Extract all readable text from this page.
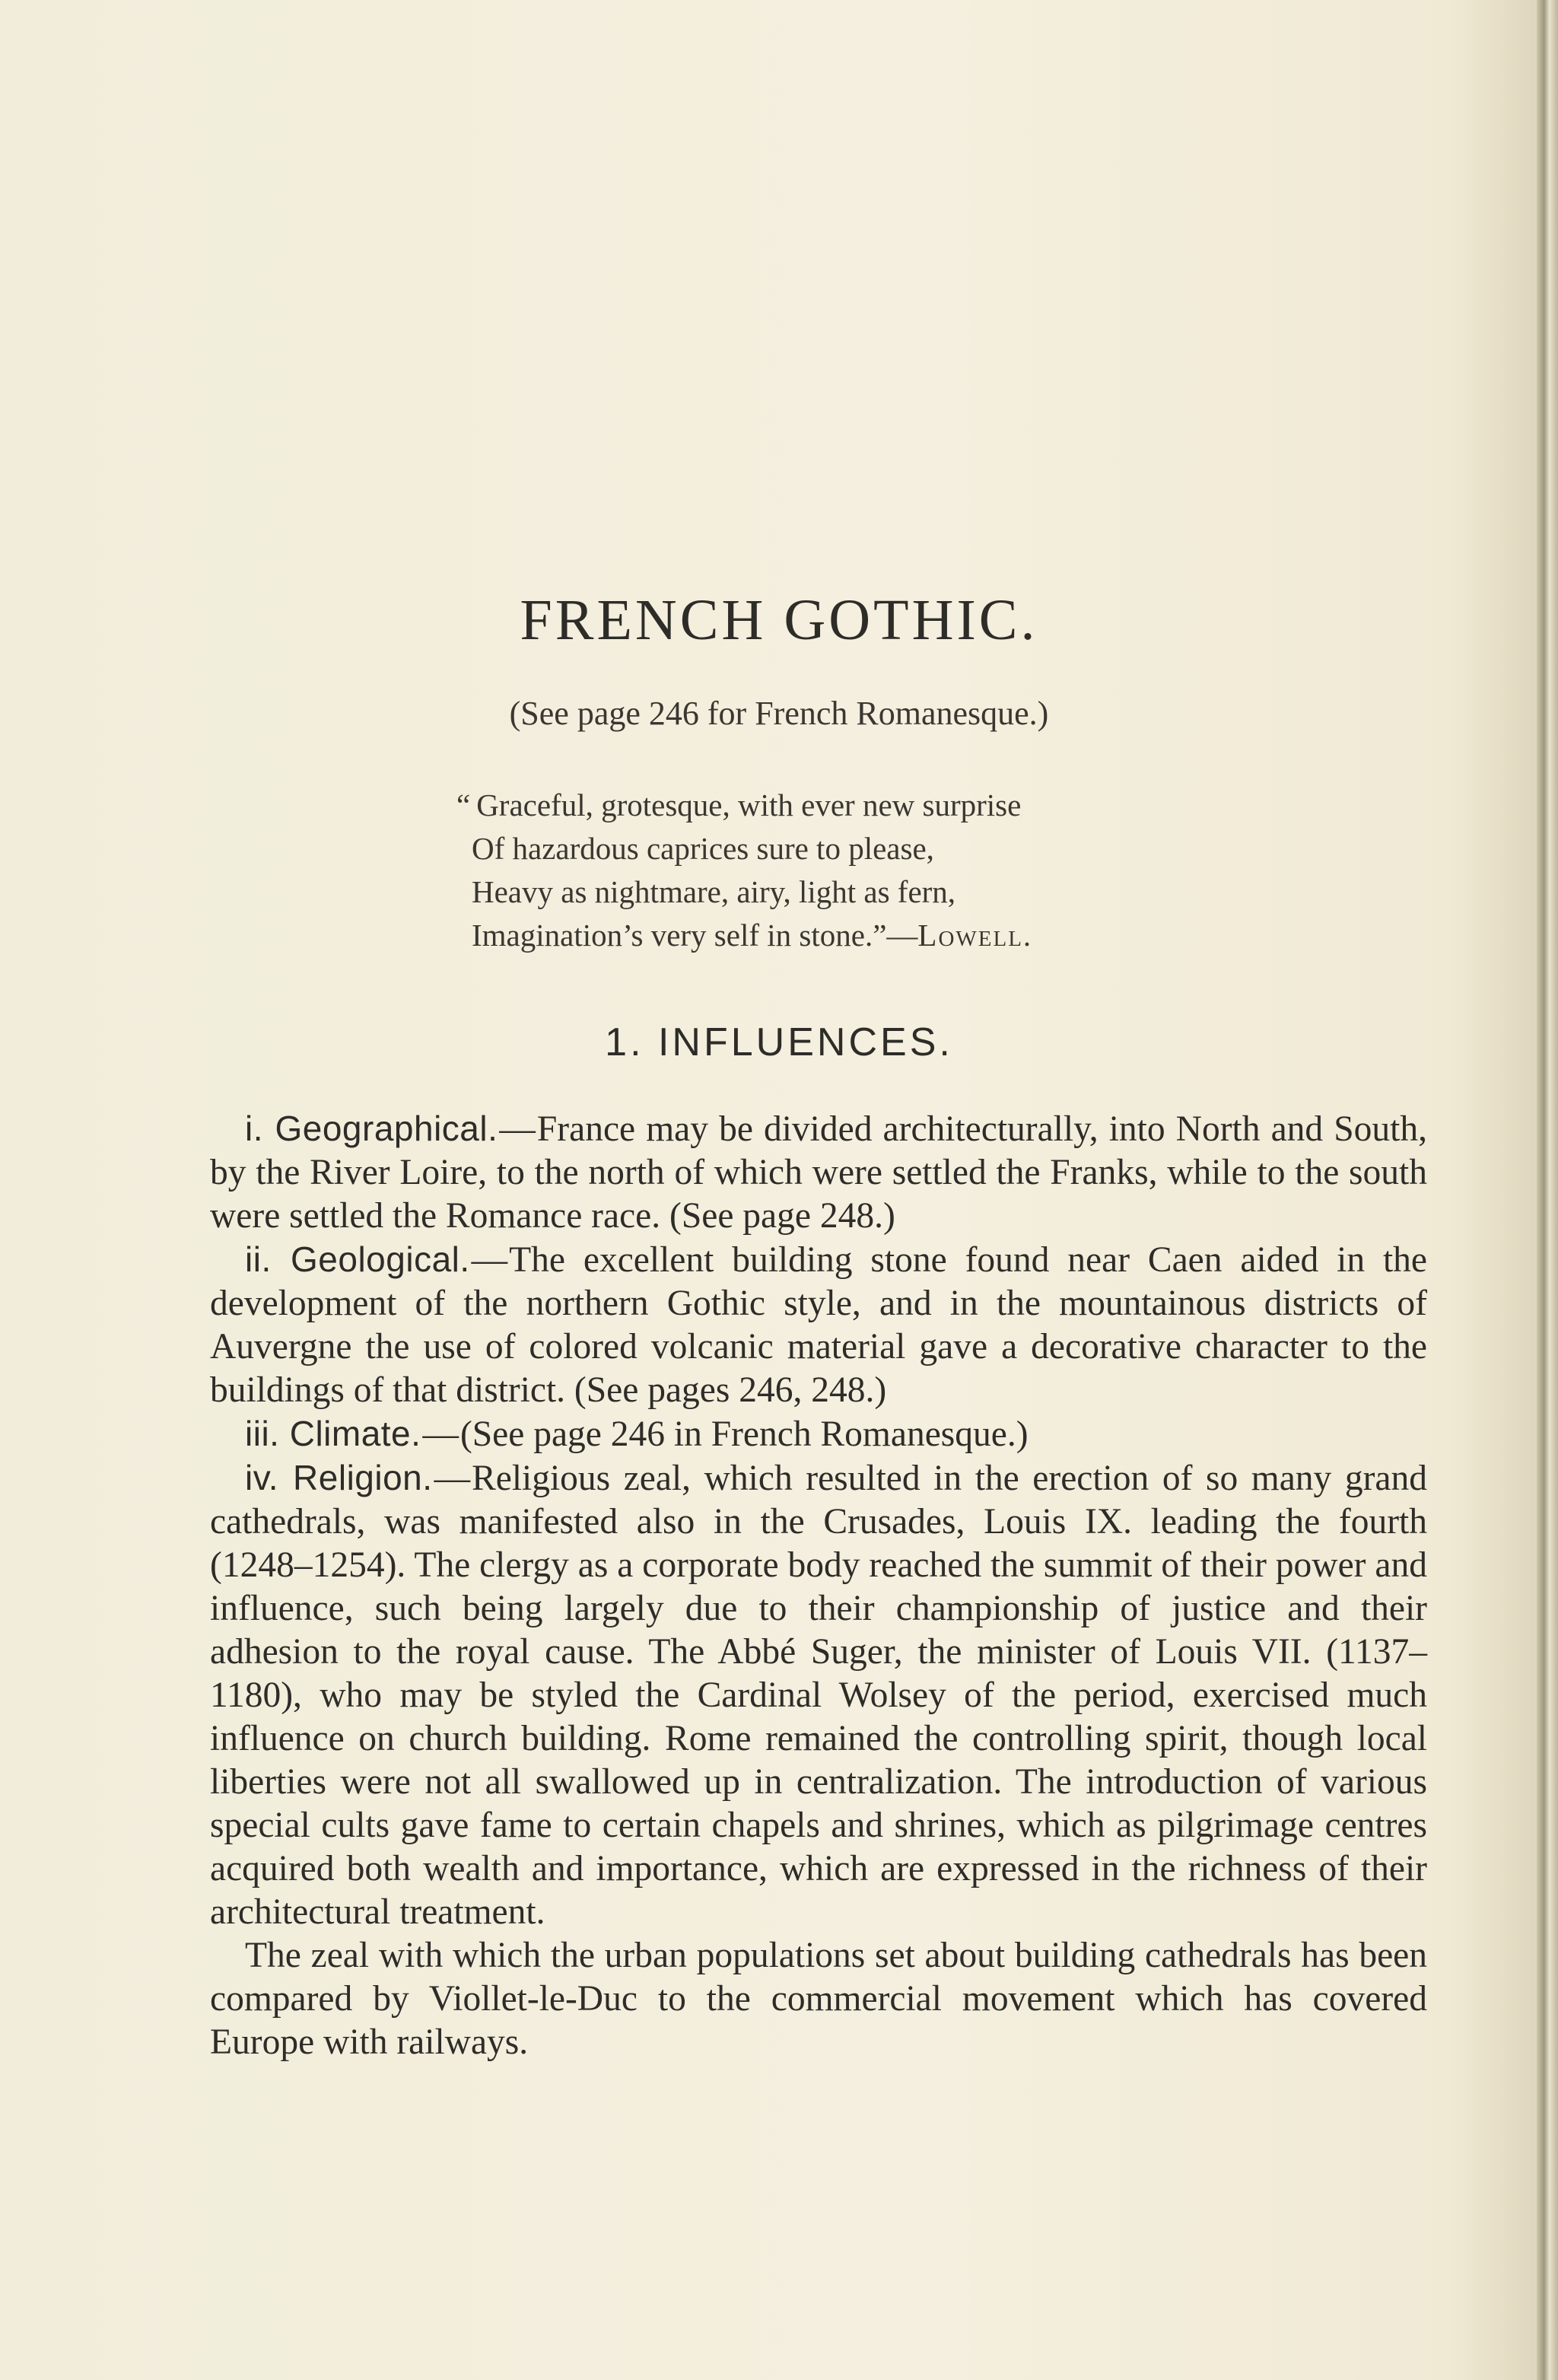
FRENCH GOTHIC.
(See page 246 for French Romanesque.)
“ Graceful, grotesque, with ever new surprise
Of hazardous caprices sure to please,
Heavy as nightmare, airy, light as fern,
Imagination’s very self in stone.”—Lowell.
1. INFLUENCES.

i. Geographical.—France may be divided architecturally, into North and South, by the River Loire, to the north of which were settled the Franks, while to the south were settled the Romance race. (See page 248.)

ii. Geological.—The excellent building stone found near Caen aided in the development of the northern Gothic style, and in the mountainous districts of Auvergne the use of colored volcanic material gave a decorative character to the buildings of that district. (See pages 246, 248.)

iii. Climate.—(See page 246 in French Romanesque.)

iv. Religion.—Religious zeal, which resulted in the erection of so many grand cathedrals, was manifested also in the Crusades, Louis IX. leading the fourth (1248–1254). The clergy as a corporate body reached the summit of their power and influence, such being largely due to their championship of justice and their adhesion to the royal cause. The Abbé Suger, the minister of Louis VII. (1137–1180), who may be styled the Cardinal Wolsey of the period, exercised much influence on church building. Rome remained the controlling spirit, though local liberties were not all swallowed up in centralization. The introduction of various special cults gave fame to certain chapels and shrines, which as pilgrimage centres acquired both wealth and importance, which are expressed in the richness of their architectural treatment.

The zeal with which the urban populations set about building cathedrals has been compared by Viollet-le-Duc to the commercial movement which has covered Europe with railways.
